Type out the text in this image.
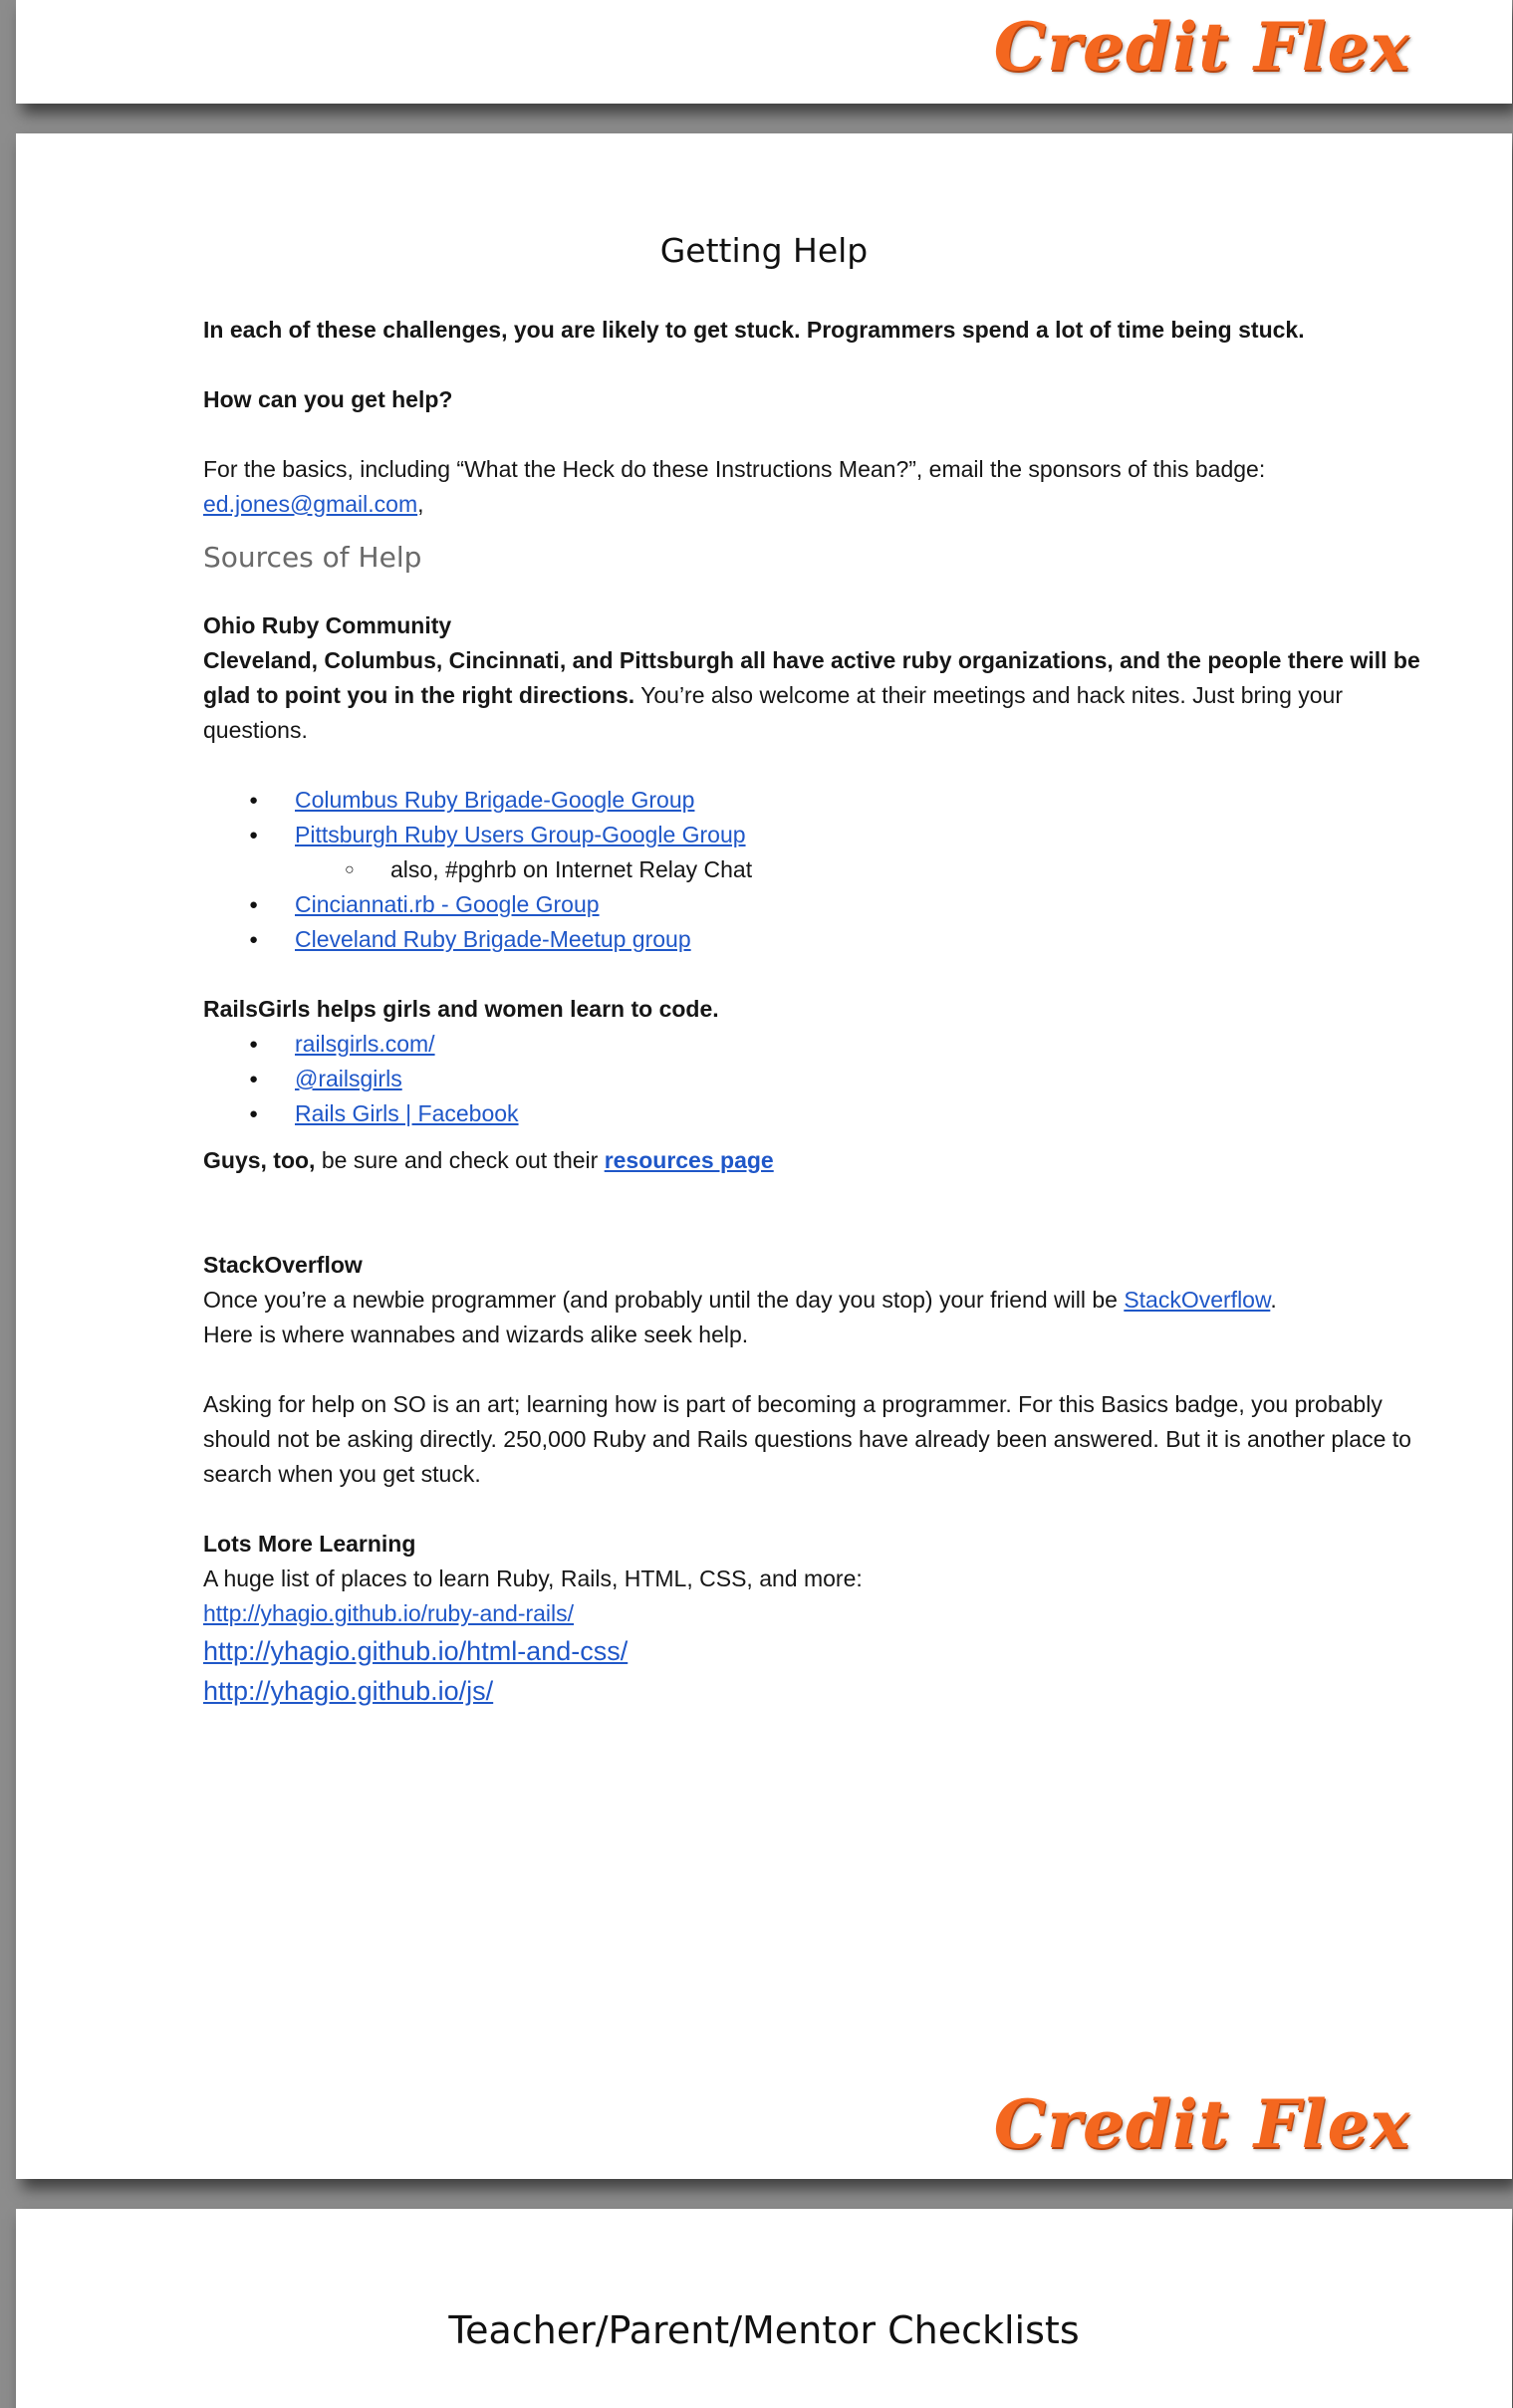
Credit Flex
Getting Help

In each of these challenges, you are likely to get stuck. Programmers spend a lot of time being stuck.

How can you get help?

For the basics, including “What the Heck do these Instructions Mean?”, email the sponsors of this badge: ed.jones@gmail.com,

Sources of Help

Ohio Ruby Community

Cleveland, Columbus, Cincinnati, and Pittsburgh all have active ruby organizations, and the people there will be glad to point you in the right directions. You’re also welcome at their meetings and hack nites. Just bring your questions.

● Columbus Ruby Brigade-Google Group
● Pittsburgh Ruby Users Group-Google Group
○ also, #pghrb on Internet Relay Chat
● Cinciannati.rb - Google Group
● Cleveland Ruby Brigade-Meetup group

RailsGirls helps girls and women learn to code.

● railsgirls.com/
● @railsgirls
● Rails Girls | Facebook

Guys, too, be sure and check out their resources page

StackOverflow

Once you’re a newbie programmer (and probably until the day you stop) your friend will be StackOverflow.
Here is where wannabes and wizards alike seek help.

Asking for help on SO is an art; learning how is part of becoming a programmer. For this Basics badge, you probably should not be asking directly. 250,000 Ruby and Rails questions have already been answered. But it is another place to search when you get stuck.

Lots More Learning

A huge list of places to learn Ruby, Rails, HTML, CSS, and more:

http://yhagio.github.io/ruby-and-rails/

http://yhagio.github.io/html-and-css/

http://yhagio.github.io/js/

Credit Flex
Teacher/Parent/Mentor Checklists
